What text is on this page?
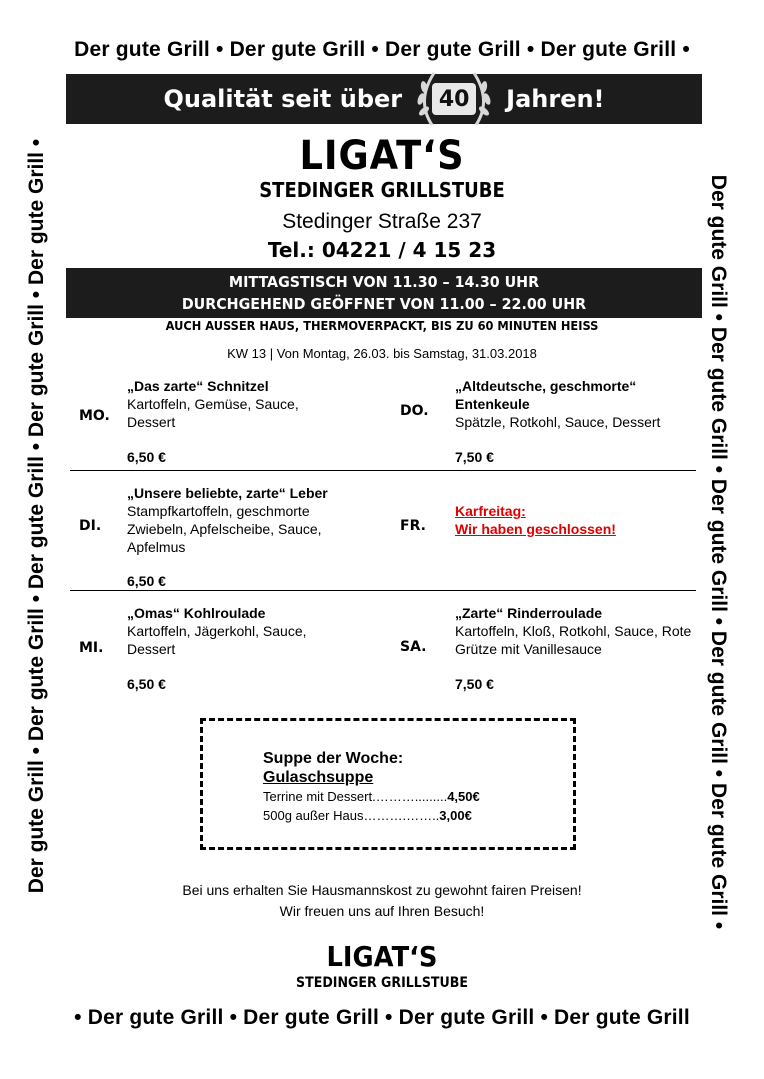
Der gute Grill • Der gute Grill • Der gute Grill • Der gute Grill •
• Der gute Grill • Der gute Grill • Der gute Grill • Der gute Grill
Der gute Grill • Der gute Grill • Der gute Grill • Der gute Grill • Der gute Grill •	Der gute Grill • Der gute Grill • Der gute Grill • Der gute Grill • Der gute Grill •
Qualität seit über	40 Jahren!
LIGAT‘S
STEDINGER GRILLSTUBE
Stedinger Straße 237
Tel.: 04221 / 4 15 23
MITTAGSTISCH VON 11.30 – 14.30 UHR
DURCHGEHEND GEÖFFNET VON 11.00 – 22.00 UHR
AUCH AUSSER HAUS, THERMOVERPACKT, BIS ZU 60 MINUTEN HEISS
KW 13 | Von Montag, 26.03. bis Samstag, 31.03.2018
MO.
„Das zarte“ Schnitzel
Kartoffeln, Gemüse, Sauce, Dessert
6,50 €
DO.
„Altdeutsche, geschmorte“ Entenkeule
Spätzle, Rotkohl, Sauce, Dessert
7,50 €
DI.
„Unsere beliebte, zarte“ Leber
Stampfkartoffeln, geschmorte Zwiebeln, Apfelscheibe, Sauce, Apfelmus
6,50 €
FR.
Karfreitag:
Wir haben geschlossen!
MI.
„Omas“ Kohlroulade
Kartoffeln, Jägerkohl, Sauce, Dessert
6,50 €
SA.
„Zarte“ Rinderroulade
Kartoffeln, Kloß, Rotkohl, Sauce, Rote Grütze mit Vanillesauce
7,50 €
Suppe der Woche:
Gulaschsuppe
Terrine mit Dessert.……….........4,50€
500g außer Haus……….……..3,00€
Bei uns erhalten Sie Hausmannskost zu gewohnt fairen Preisen!
Wir freuen uns auf Ihren Besuch!
LIGAT‘S
STEDINGER GRILLSTUBE
